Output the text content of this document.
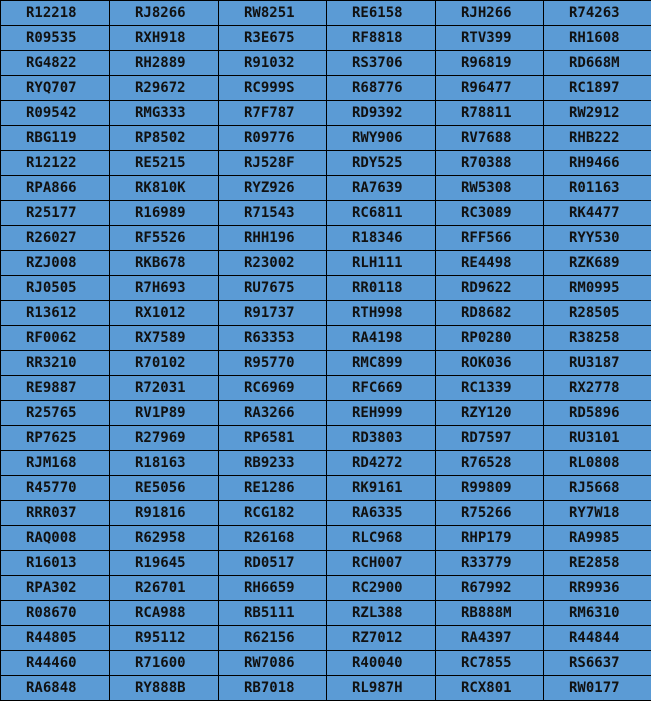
R12218	RJ8266	RW8251	RE6158	RJH266	R74263
R09535	RXH918	R3E675	RF8818	RTV399	RH1608
RG4822	RH2889	R91032	RS3706	R96819	RD668M
RYQ707	R29672	RC999S	R68776	R96477	RC1897
R09542	RMG333	R7F787	RD9392	R78811	RW2912
RBG119	RP8502	R09776	RWY906	RV7688	RHB222
R12122	RE5215	RJ528F	RDY525	R70388	RH9466
RPA866	RK810K	RYZ926	RA7639	RW5308	R01163
R25177	R16989	R71543	RC6811	RC3089	RK4477
R26027	RF5526	RHH196	R18346	RFF566	RYY530
RZJ008	RKB678	R23002	RLH111	RE4498	RZK689
RJ0505	R7H693	RU7675	RR0118	RD9622	RM0995
R13612	RX1012	R91737	RTH998	RD8682	R28505
RF0062	RX7589	R63353	RA4198	RP0280	R38258
RR3210	R70102	R95770	RMC899	ROK036	RU3187
RE9887	R72031	RC6969	RFC669	RC1339	RX2778
R25765	RV1P89	RA3266	REH999	RZY120	RD5896
RP7625	R27969	RP6581	RD3803	RD7597	RU3101
RJM168	R18163	RB9233	RD4272	R76528	RL0808
R45770	RE5056	RE1286	RK9161	R99809	RJ5668
RRR037	R91816	RCG182	RA6335	R75266	RY7W18
RAQ008	R62958	R26168	RLC968	RHP179	RA9985
R16013	R19645	RD0517	RCH007	R33779	RE2858
RPA302	R26701	RH6659	RC2900	R67992	RR9936
R08670	RCA988	RB5111	RZL388	RB888M	RM6310
R44805	R95112	R62156	RZ7012	RA4397	R44844
R44460	R71600	RW7086	R40040	RC7855	RS6637
RA6848	RY888B	RB7018	RL987H	RCX801	RW0177
